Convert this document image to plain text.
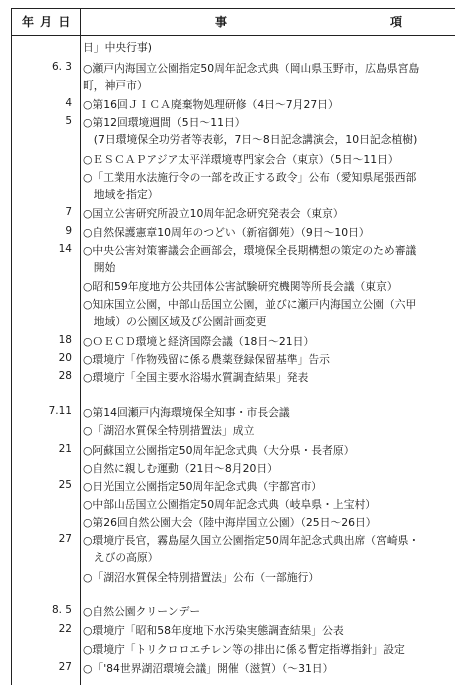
年 月 日	事	項
日」中央行事)
6. 3 ○瀬戸内海国立公園指定50周年記念式典（岡山県玉野市，広島県宮島
町，神戸市）
4 ○第16回ＪＩＣＡ廃棄物処理研修（4日～7月27日）
5 ○第12回環境週間（5日～11日）
　(7日環境保全功労者等表彰，7日～8日記念講演会，10日記念植樹)
○ＥＳＣＡＰアジア太平洋環境専門家会合（東京）（5日～11日）
○「工業用水法施行令の一部を改正する政令」公布（愛知県尾張西部
　地域を指定）
7 ○国立公害研究所設立10周年記念研究発表会（東京）
9 ○自然保護憲章10周年のつどい（新宿御苑）（9日～10日）
14 ○中央公害対策審議会企画部会，環境保全長期構想の策定のため審議
　開始
○昭和59年度地方公共団体公害試験研究機関等所長会議（東京）
○知床国立公園，中部山岳国立公園，並びに瀬戸内海国立公園（六甲
　地域）の公園区域及び公園計画変更
18 ○ＯＥＣＤ環境と経済国際会議（18日～21日）
20 ○環境庁「作物残留に係る農薬登録保留基準」告示
28 ○環境庁「全国主要水浴場水質調査結果」発表
7.11 ○第14回瀬戸内海環境保全知事・市長会議
○「湖沼水質保全特別措置法」成立
21 ○阿蘇国立公園指定50周年記念式典（大分県・長者原）
○自然に親しむ運動（21日～8月20日）
25 ○日光国立公園指定50周年記念式典（宇都宮市）
○中部山岳国立公園指定50周年記念式典（岐阜県・上宝村）
○第26回自然公園大会（陸中海岸国立公園）（25日～26日）
27 ○環境庁長官，霧島屋久国立公園指定50周年記念式典出席（宮崎県・
　えびの高原）
○「湖沼水質保全特別措置法」公布（一部施行）
8. 5 ○自然公園クリーンデー
22 ○環境庁「昭和58年度地下水汚染実態調査結果」公表
○環境庁「トリクロロエチレン等の排出に係る暫定指導指針」設定
27 ○「'84世界湖沼環境会議」開催（滋賀）（～31日）
